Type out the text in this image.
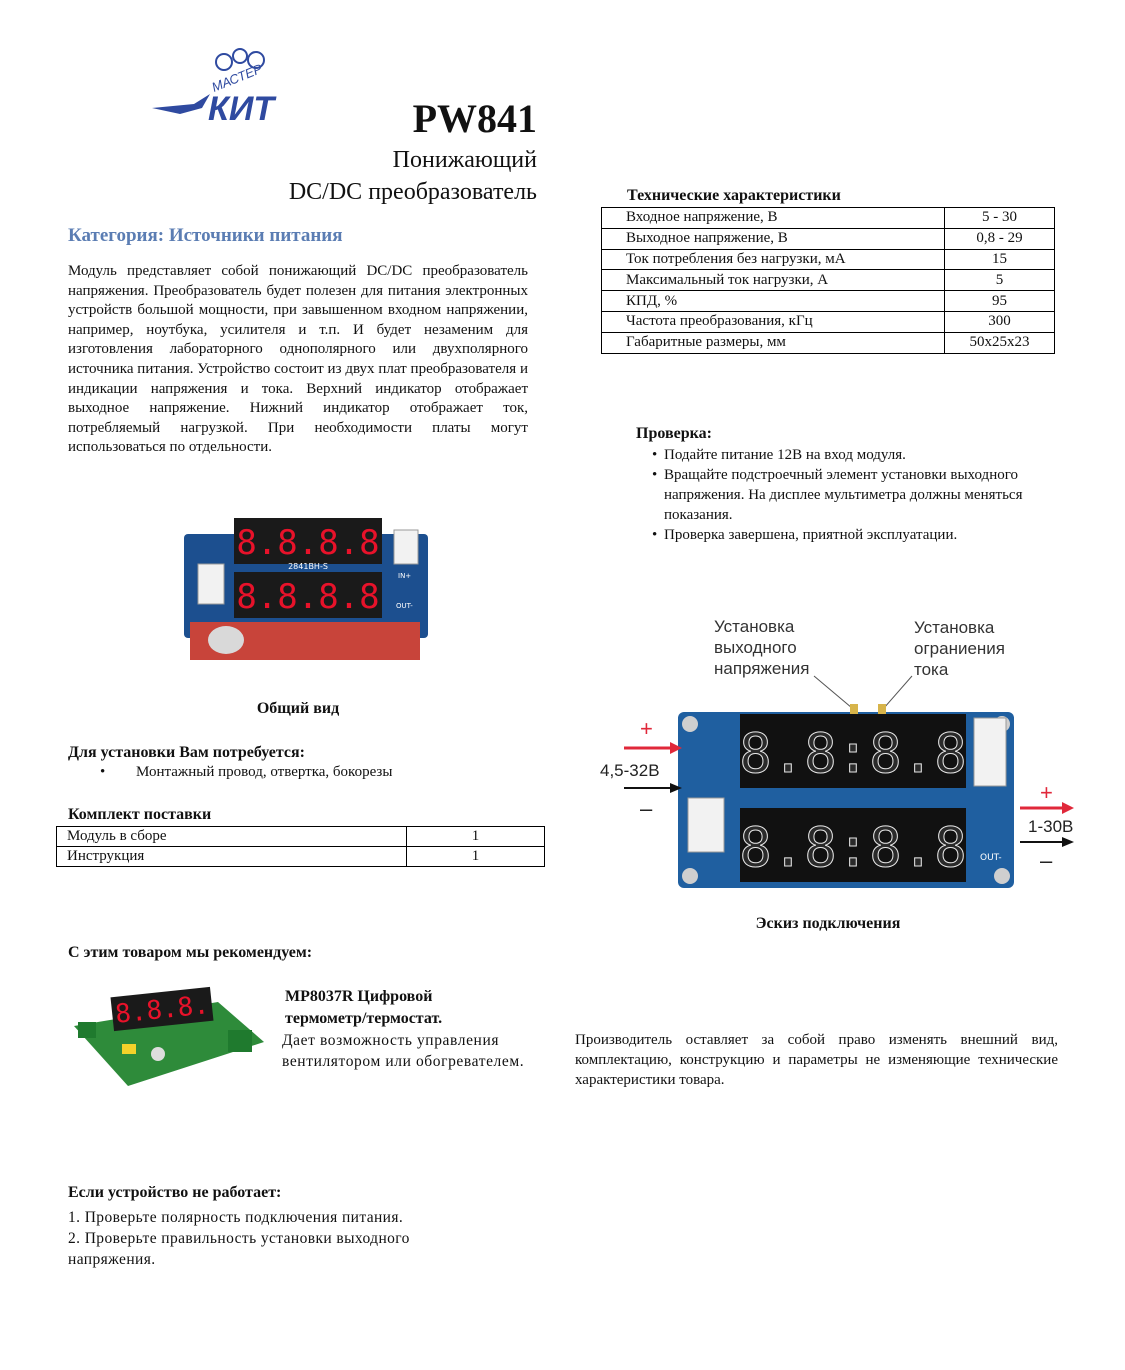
МАСТЕР
КИТ	PW841
Понижающий
DC/DC преобразователь
Категория: Источники питания
Модуль представляет собой понижающий DC/DC преобразователь напряжения. Преобразователь будет полезен для питания электронных устройств большой мощности, при завышенном входном напряжении, например, ноутбука, усилителя и т.п. И будет незаменим для изготовления лабораторного однополярного или двухполярного источника питания. Устройство состоит из двух плат преобразователя и индикации напряжения и тока. Верхний индикатор отображает выходное напряжение. Нижний индикатор отображает ток, потребляемый нагрузкой. При необходимости платы могут использоваться по отдельности.
8.8.8.8
8.8.8.8
2841BH-S
IN+
OUT-
Общий вид
Для установки Вам потребуется:
• Монтажный провод, отвертка, бокорезы
Комплект поставки
Модуль в сборе	1
Инструкция	1
С этим товаром мы рекомендуем:
8.8.8.	MP8037R Цифровой термометр/термостат.
Дает возможность управления вентилятором или обогревателем.
Если устройство не работает:
1. Проверьте полярность подключения питания.
2. Проверьте правильность установки выходного напряжения.
Технические характеристики
Входное напряжение, В	5 - 30
Выходное напряжение, В	0,8 - 29
Ток потребления без нагрузки, мА	15
Максимальный ток нагрузки, А	5
КПД, %	95
Частота преобразования, кГц	300
Габаритные размеры, мм	50х25х23
Проверка:
• Подайте питание 12В на вход модуля.
• Вращайте подстроечный элемент установки выходного напряжения. На дисплее мультиметра должны меняться показания.
• Проверка завершена, приятной эксплуатации.
Установка
выходного
напряжения
Установка
ограниения
тока
8.8:8.8
8.8:8.8 OUT-
+
4,5-32В
–
+
1-30В
–
Эскиз подключения
Производитель оставляет за собой право изменять внешний вид, комплектацию, конструкцию и параметры не изменяющие технические характеристики товара.
